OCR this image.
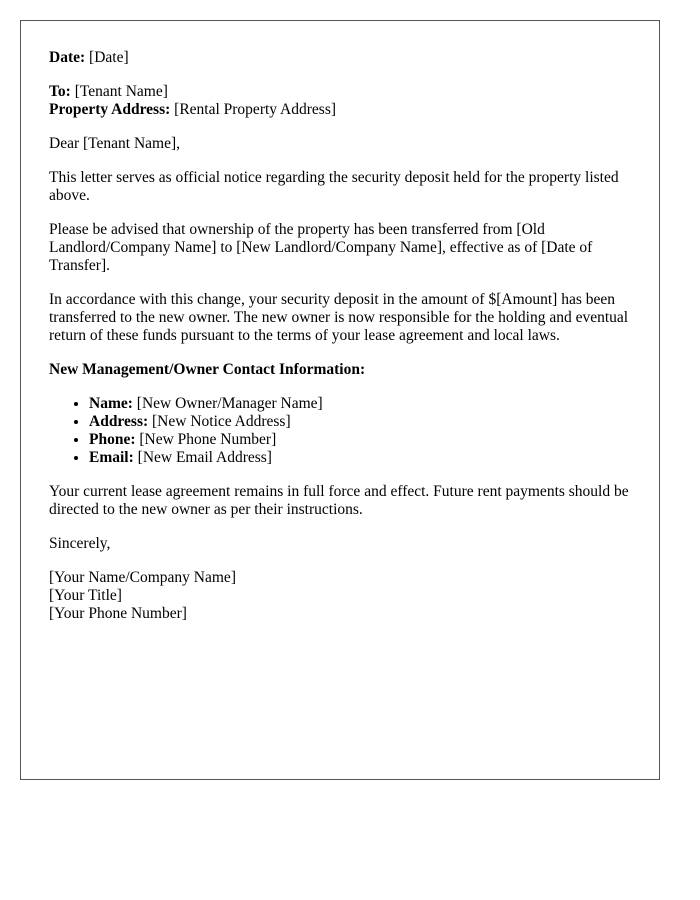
Date: [Date]

To: [Tenant Name]
Property Address: [Rental Property Address]

Dear [Tenant Name],

This letter serves as official notice regarding the security deposit held for the property listed above.

Please be advised that ownership of the property has been transferred from [Old Landlord/Company Name] to [New Landlord/Company Name], effective as of [Date of Transfer].

In accordance with this change, your security deposit in the amount of $[Amount] has been transferred to the new owner. The new owner is now responsible for the holding and eventual return of these funds pursuant to the terms of your lease agreement and local laws.

New Management/Owner Contact Information:

• Name: [New Owner/Manager Name]
• Address: [New Notice Address]
• Phone: [New Phone Number]
• Email: [New Email Address]

Your current lease agreement remains in full force and effect. Future rent payments should be directed to the new owner as per their instructions.

Sincerely,

[Your Name/Company Name]
[Your Title]
[Your Phone Number]
